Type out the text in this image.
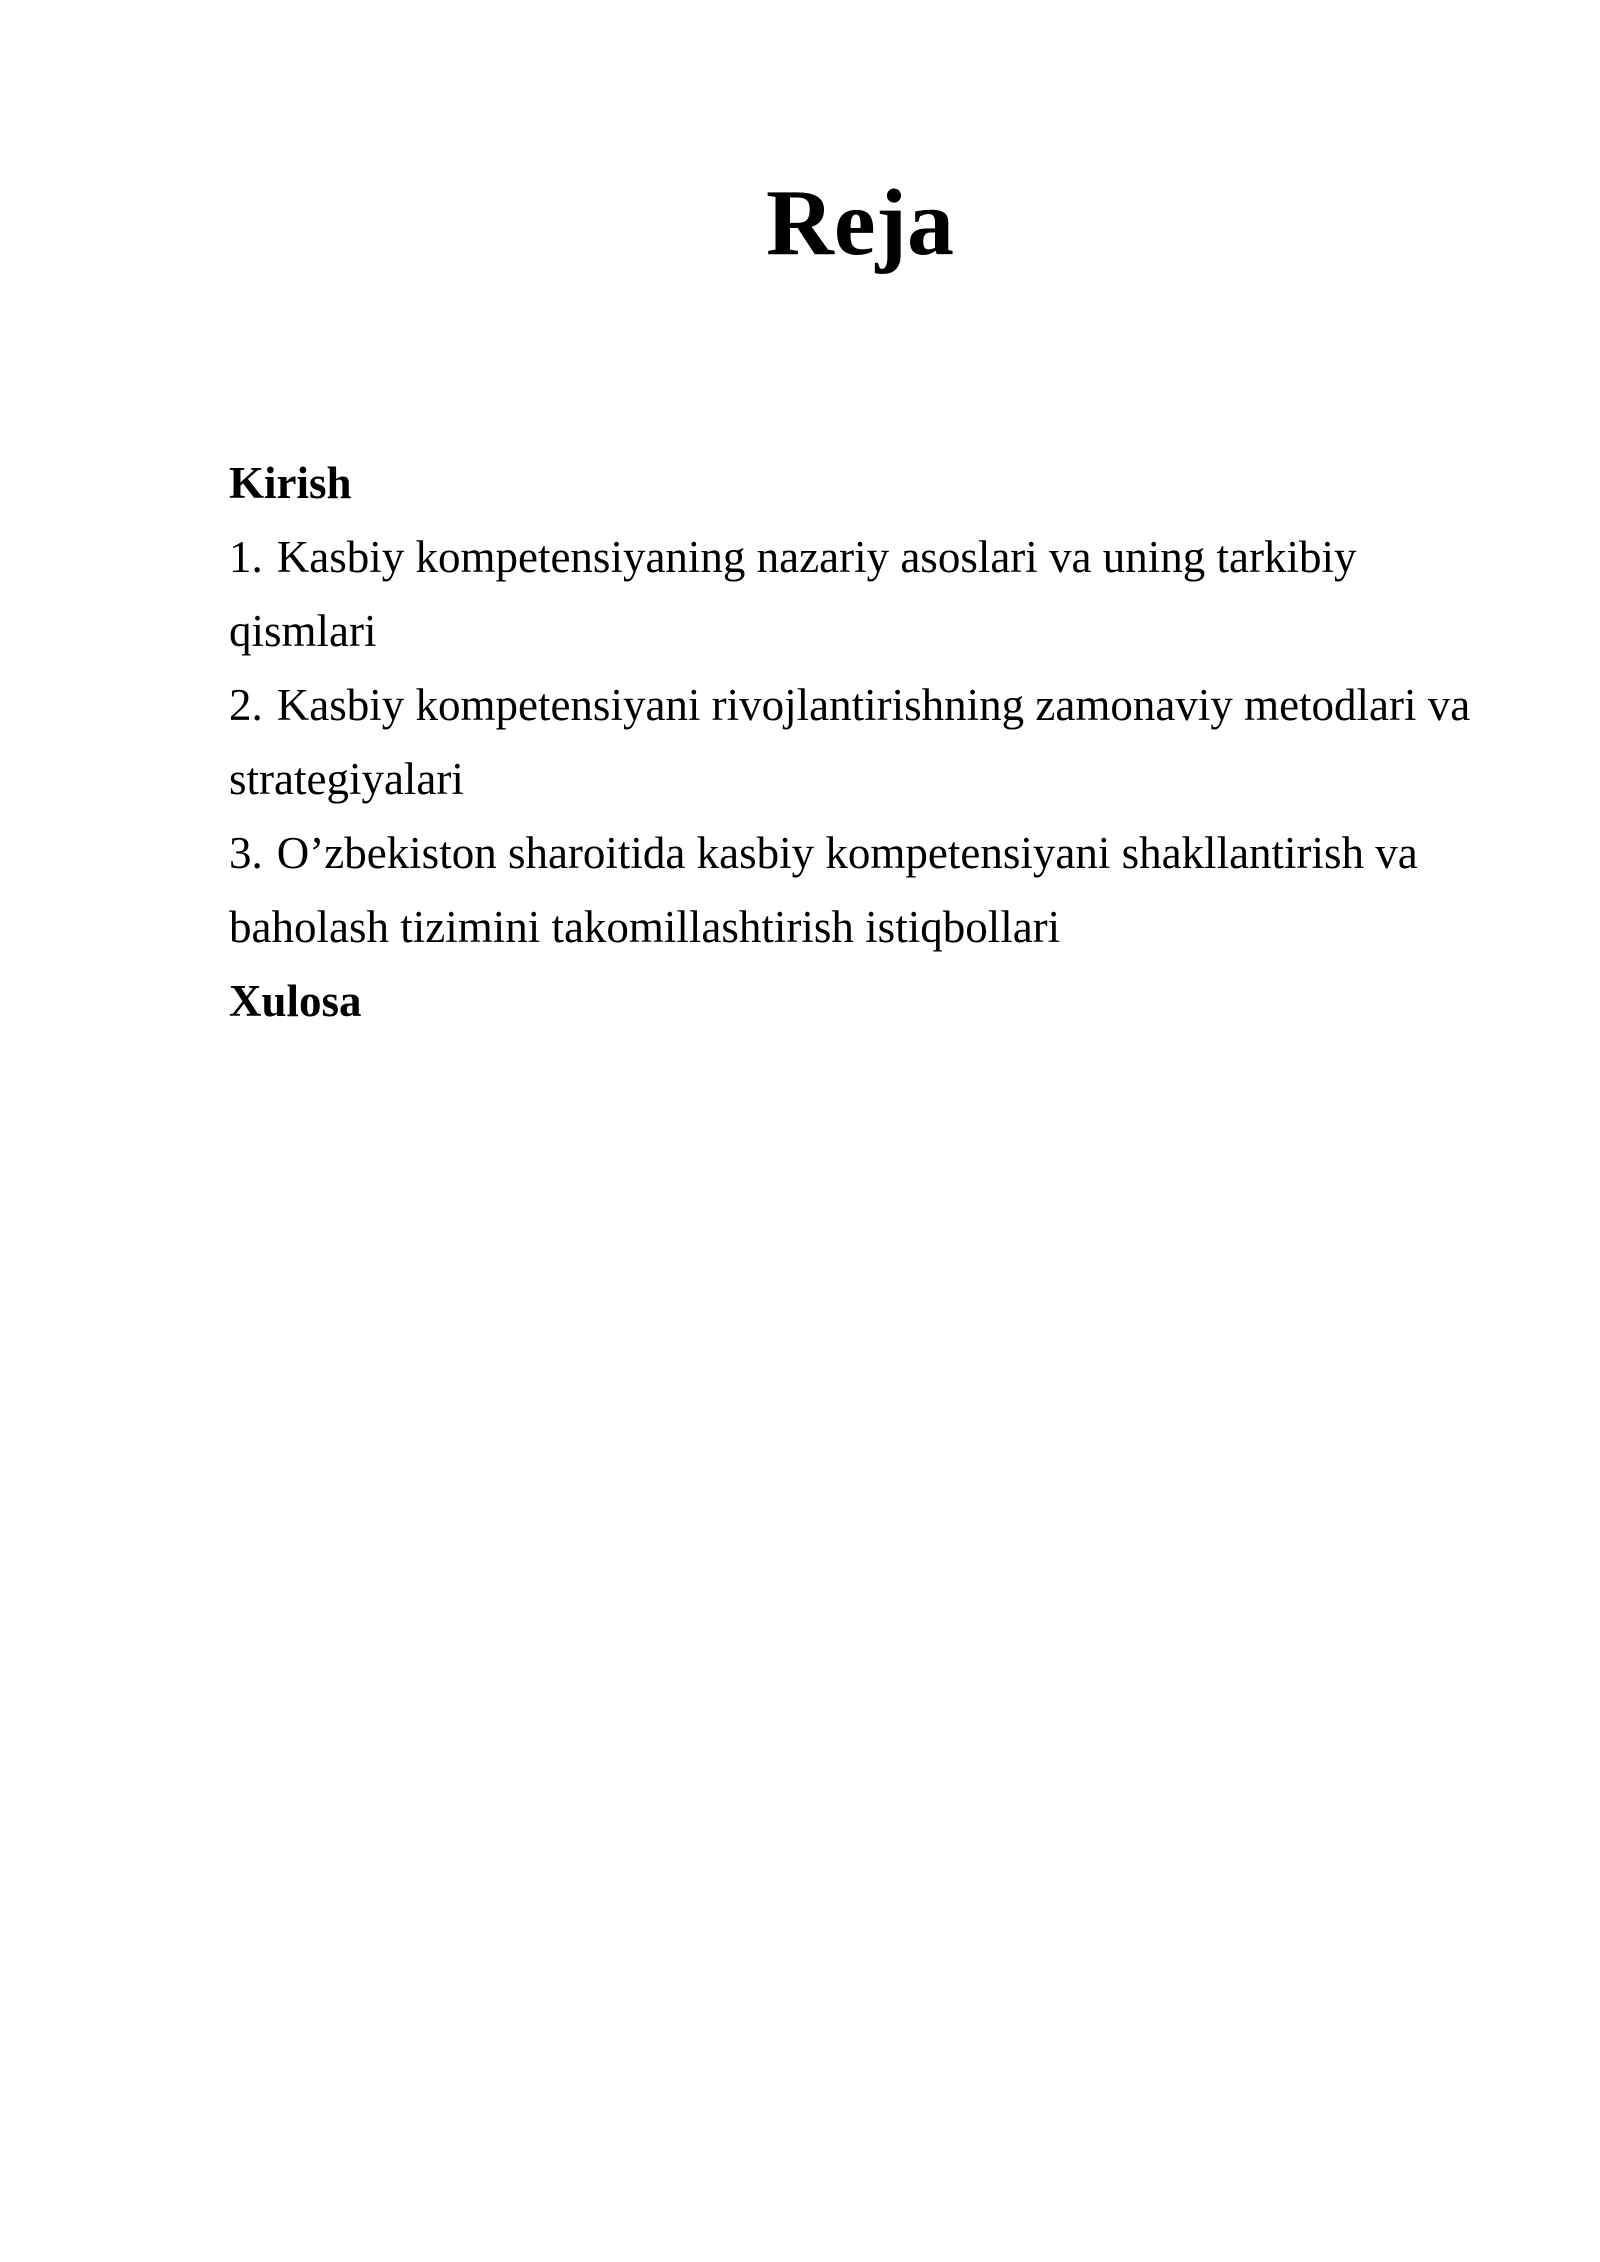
Reja
Kirish
1. Kasbiy kompetensiyaning nazariy asoslari va uning tarkibiy qismlari
2. Kasbiy kompetensiyani rivojlantirishning zamonaviy metodlari va strategiyalari
3. O’zbekiston sharoitida kasbiy kompetensiyani shakllantirish va baholash tizimini takomillashtirish istiqbollari
Xulosa
